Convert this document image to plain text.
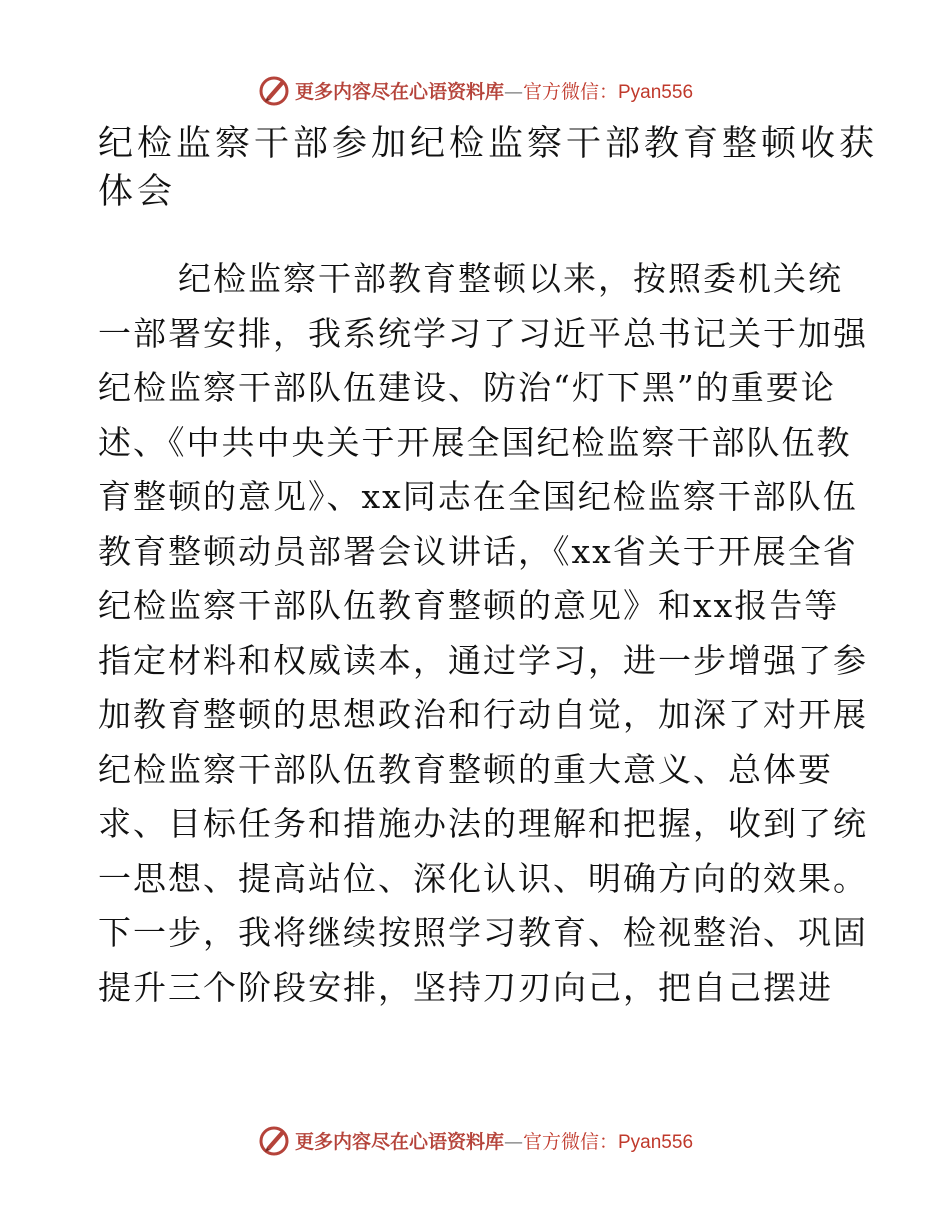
更多内容尽在心语资料库—官方微信：Pyan556
纪检监察干部参加纪检监察干部教育整顿收获体会
纪检监察干部教育整顿以来，按照委机关统
一部署安排，我系统学习了习近平总书记关于加强
纪检监察干部队伍建设、防治“灯下黑”的重要论
述、《中共中央关于开展全国纪检监察干部队伍教
育整顿的意见》、xx同志在全国纪检监察干部队伍
教育整顿动员部署会议讲话，《xx省关于开展全省
纪检监察干部队伍教育整顿的意见》和xx报告等
指定材料和权威读本，通过学习，进一步增强了参
加教育整顿的思想政治和行动自觉，加深了对开展
纪检监察干部队伍教育整顿的重大意义、总体要
求、目标任务和措施办法的理解和把握，收到了统
一思想、提高站位、深化认识、明确方向的效果。
下一步，我将继续按照学习教育、检视整治、巩固
提升三个阶段安排，坚持刀刃向己，把自己摆进
更多内容尽在心语资料库—官方微信：Pyan556
